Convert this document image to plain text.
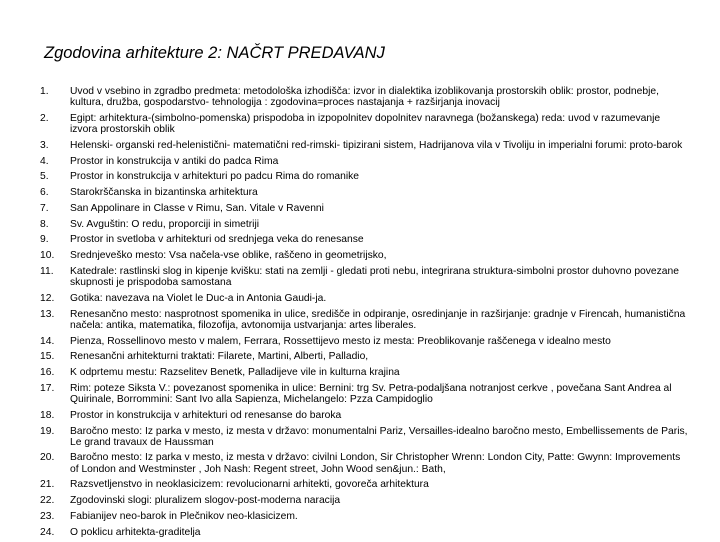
Zgodovina arhitekture 2: NAČRT PREDAVANJ
1.	Uvod v vsebino in zgradbo predmeta: metodološka izhodišča: izvor in dialektika izoblikovanja prostorskih oblik: prostor, podnebje, kultura, družba, gospodarstvo- tehnologija : zgodovina=proces nastajanja + razširjanja inovacij
2.	Egipt: arhitektura-(simbolno-pomenska) prispodoba in izpopolnitev dopolnitev naravnega (božanskega) reda: uvod v razumevanje izvora prostorskih oblik
3.	Helenski- organski red-helenistični- matematični red-rimski- tipizirani sistem, Hadrijanova vila v Tivoliju in imperialni forumi: proto-barok
4.	Prostor in konstrukcija v antiki do padca Rima
5.	Prostor in konstrukcija v arhitekturi po padcu Rima do romanike
6.	Starokrščanska in bizantinska arhitektura
7.	San Appolinare in Classe v Rimu, San. Vitale v Ravenni
8.	Sv. Avguštin: O redu, proporciji in simetriji
9.	Prostor in svetloba v arhitekturi od srednjega veka do renesanse
10.	Srednjeveško mesto: Vsa načela-vse oblike, raščeno in geometrijsko,
11.	Katedrale: rastlinski slog in kipenje kvišku: stati na zemlji - gledati proti nebu, integrirana struktura-simbolni prostor duhovno povezane skupnosti je prispodoba samostana
12.	Gotika: navezava na Violet le Duc-a in Antonia Gaudi-ja.
13.	Renesančno mesto: nasprotnost spomenika in ulice, središče in odpiranje, osredinjanje in razširjanje: gradnje v Firencah, humanistična načela: antika, matematika, filozofija, avtonomija ustvarjanja: artes liberales.
14.	Pienza, Rossellinovo mesto v malem, Ferrara, Rossettijevo mesto iz mesta: Preoblikovanje raščenega v idealno mesto
15.	Renesančni arhitekturni traktati: Filarete, Martini, Alberti, Palladio,
16.	K odprtemu mestu: Razselitev Benetk, Palladijeve vile in kulturna krajina
17.	Rim: poteze Siksta V.: povezanost spomenika in ulice: Bernini: trg Sv. Petra-podaljšana notranjost cerkve , povečana Sant Andrea al Quirinale, Borrommini: Sant Ivo alla Sapienza, Michelangelo: Pzza Campidoglio
18.	Prostor in konstrukcija v arhitekturi od renesanse do baroka
19.	Baročno mesto: Iz parka v mesto, iz mesta v državo: monumentalni Pariz, Versailles-idealno baročno mesto, Embellissements de Paris, Le grand travaux de Haussman
20.	Baročno mesto: Iz parka v mesto, iz mesta v državo: civilni London, Sir Christopher Wrenn: London City, Patte: Gwynn: Improvements of London and Westminster , Joh Nash: Regent street, John Wood sen&jun.: Bath,
21.	Razsvetljenstvo in neoklasicizem: revolucionarni arhitekti, govoreča arhitektura
22.	Zgodovinski slogi: pluralizem slogov-post-moderna naracija
23.	Fabianijev neo-barok in Plečnikov neo-klasicizem.
24.	O poklicu arhitekta-graditelja
